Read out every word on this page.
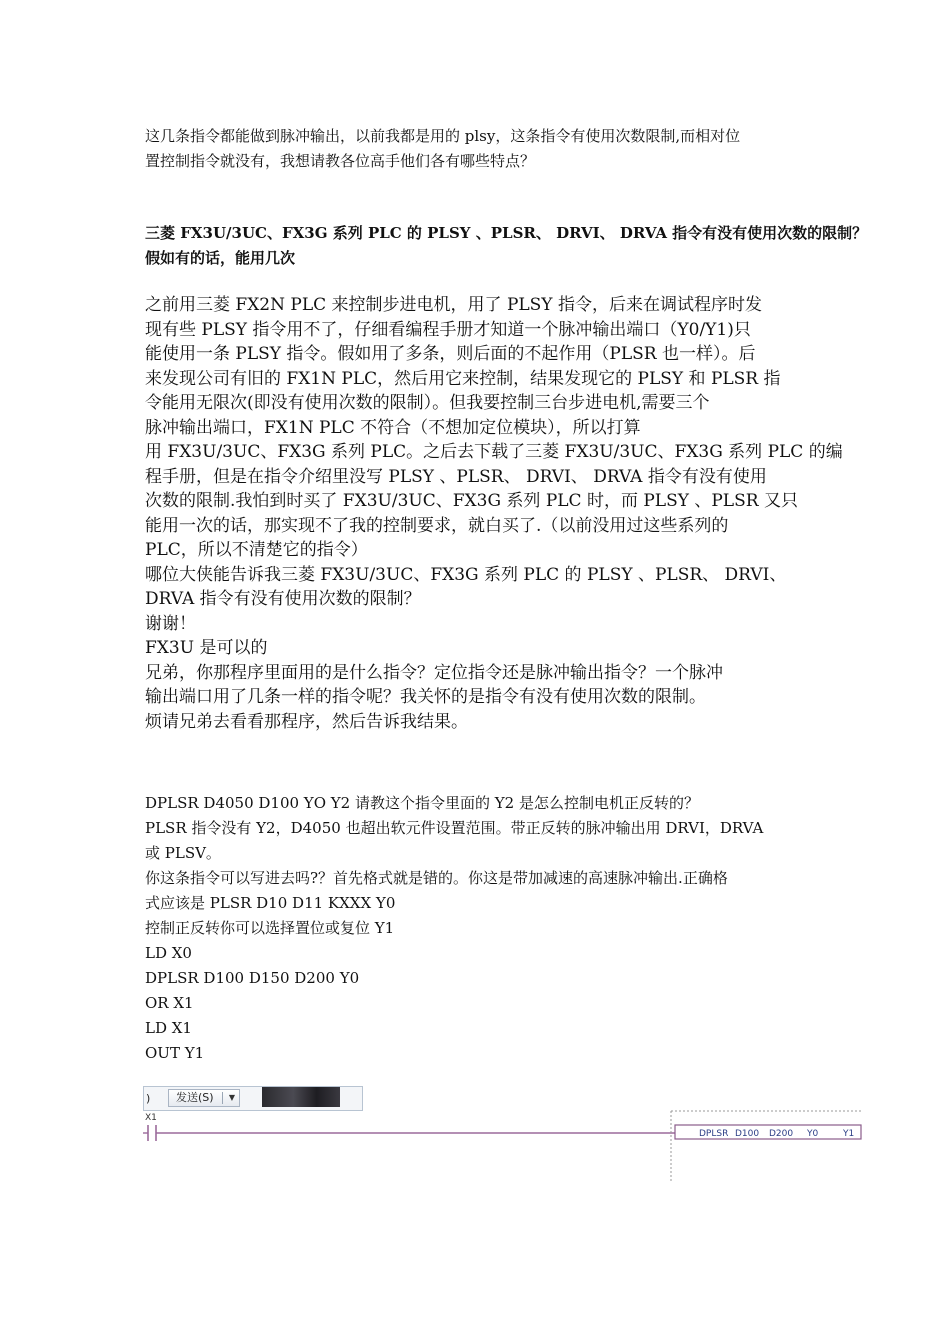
这几条指令都能做到脉冲输出，以前我都是用的 plsy，这条指令有使用次数限制,而相对位
置控制指令就没有，我想请教各位高手他们各有哪些特点？
三菱 FX3U/3UC、FX3G 系列 PLC 的 PLSY 、PLSR、 DRVI、 DRVA 指令有没有使用次数的限制？
假如有的话，能用几次
之前用三菱 FX2N PLC 来控制步进电机，用了 PLSY 指令，后来在调试程序时发
现有些 PLSY 指令用不了，仔细看编程手册才知道一个脉冲输出端口（Y0/Y1)只
能使用一条 PLSY 指令。假如用了多条，则后面的不起作用（PLSR 也一样）。后
来发现公司有旧的 FX1N PLC，然后用它来控制，结果发现它的 PLSY 和 PLSR 指
令能用无限次(即没有使用次数的限制）。但我要控制三台步进电机,需要三个
脉冲输出端口，FX1N PLC 不符合（不想加定位模块），所以打算
用 FX3U/3UC、FX3G 系列 PLC。之后去下载了三菱 FX3U/3UC、FX3G 系列 PLC 的编
程手册，但是在指令介绍里没写 PLSY 、PLSR、 DRVI、 DRVA 指令有没有使用
次数的限制.我怕到时买了 FX3U/3UC、FX3G 系列 PLC 时，而 PLSY 、PLSR 又只
能用一次的话，那实现不了我的控制要求，就白买了.（以前没用过这些系列的
PLC，所以不清楚它的指令）
哪位大侠能告诉我三菱 FX3U/3UC、FX3G 系列 PLC 的 PLSY 、PLSR、 DRVI、
DRVA 指令有没有使用次数的限制？
谢谢！
FX3U 是可以的
兄弟，你那程序里面用的是什么指令？定位指令还是脉冲输出指令？一个脉冲
输出端口用了几条一样的指令呢？我关怀的是指令有没有使用次数的限制。
烦请兄弟去看看那程序，然后告诉我结果。
DPLSR D4050 D100 YO Y2 请教这个指令里面的 Y2 是怎么控制电机正反转的？
PLSR 指令没有 Y2，D4050 也超出软元件设置范围。带正反转的脉冲输出用 DRVI，DRVA
或 PLSV。
你这条指令可以写进去吗?？首先格式就是错的。你这是带加减速的高速脉冲输出.正确格
式应该是 PLSR D10 D11 KXXX Y0
控制正反转你可以选择置位或复位 Y1
LD X0
DPLSR D100 D150 D200 Y0
OR X1
LD X1
OUT Y1
)	发送(S) ▼
X1
DPLSR D100 D200 Y0	Y1
